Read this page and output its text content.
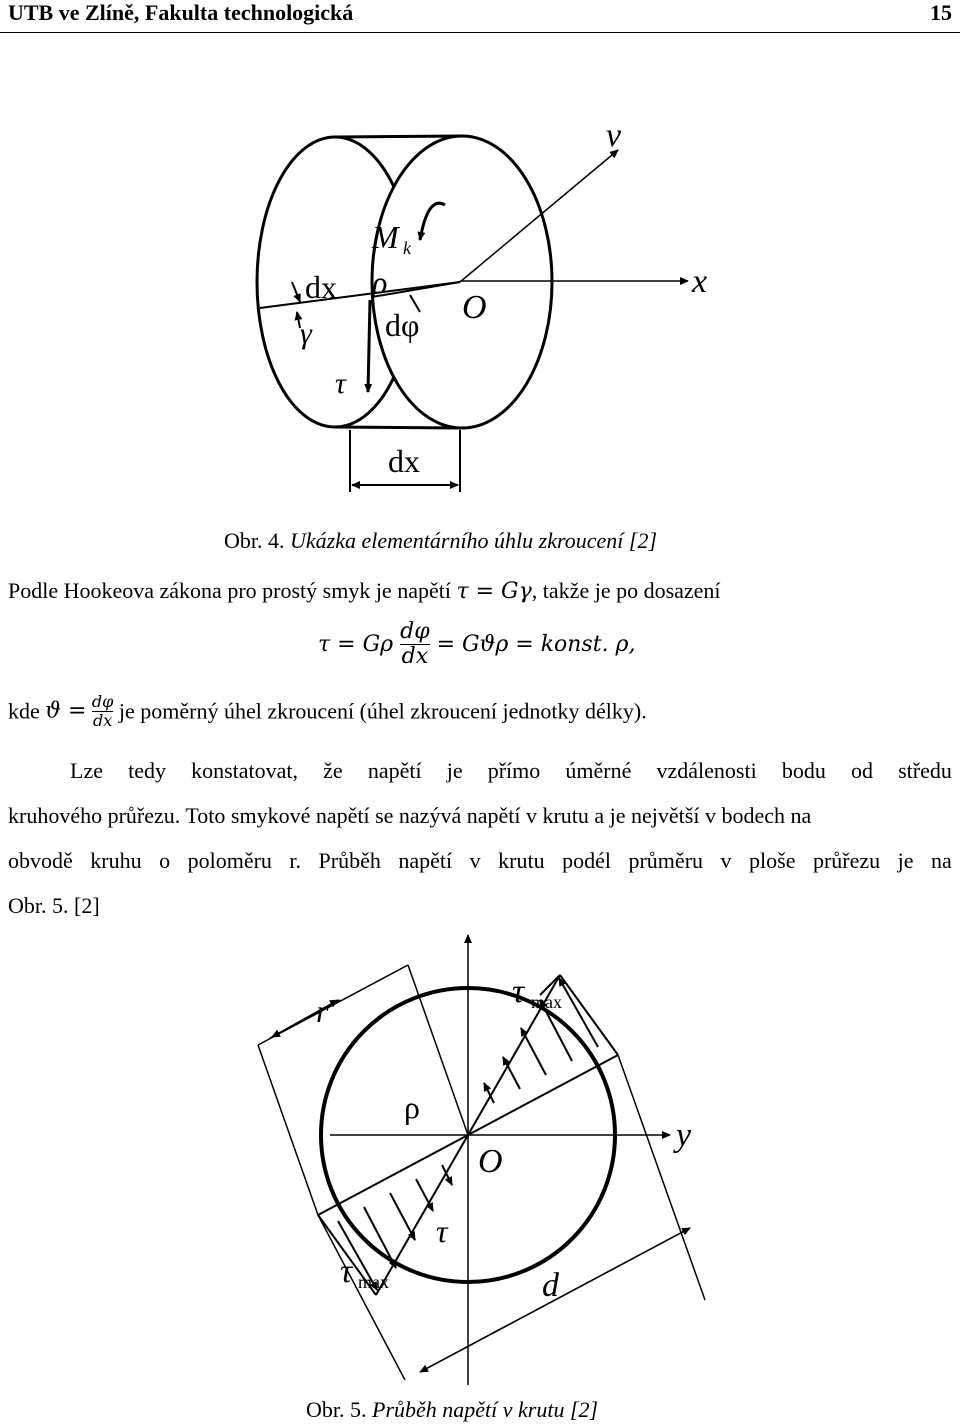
UTB ve Zlíně, Fakulta technologická	15
v
M k
x
dx ρ
O
dφ
γ
τ
dx
Obr. 4. Ukázka elementárního úhlu zkroucení [2]
Podle Hookeova zákona pro prostý smyk je napětí τ = Gγ, takže je po dosazení
τ = Gρ $\frac{d\varphi}{dx} = Gϑ\rho$ = konst. ρ,
kde $ϑ = \frac{d\varphi}{dx}$ je poměrný úhel zkroucení (úhel zkroucení jednotky délky).
Lze tedy konstatovat, že napětí je přímo úměrné vzdálenosti bodu od středu
kruhového průřezu. Toto smykové napětí se nazývá napětí v krutu a je největší v bodech na
obvodě kruhu o poloměru r. Průběh napětí v krutu podél průměru v ploše průřezu je na
Obr. 5. [2]
r
τ max
ρ
O
y
τ
τ max	d
Obr. 5. Průběh napětí v krutu [2]
